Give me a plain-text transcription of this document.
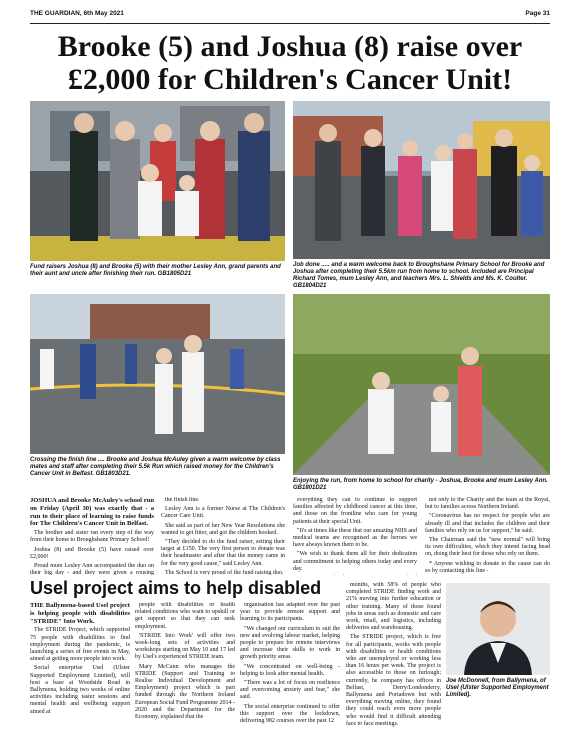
THE GUARDIAN, 6th May 2021	Page 31
Brooke (5) and Joshua (8) raise over £2,000 for Children's Cancer Unit!
Fund raisers Joshua (8) and Brooke (5) with their mother Lesley Ann, grand parents and their aunt and uncle after finishing their run. GB1805D21
Job done ..... and a warm welcome back to Broughshane Primary School for Brooke and Joshua after completing their 5.5km run from home to school. Included are Principal Richard Tomes, mum Lesley Ann, and teachers Mrs. L. Shields and Ms. K. Coulter. GB1804D21
Crossing the finish line .... Brooke and Joshua McAuley given a warm welcome by class mates and staff after completing their 5.5k Run which raised money for the Children's Cancer Unit in Belfast. GB1803D21.
Enjoying the run, from home to school for charity - Joshua, Brooke and mum Lesley Ann. GB1801D21

JOSHUA and Brooke McAuley's school run on Friday (April 30) was exactly that - a run to their place of learning to raise funds for The Children's Cancer Unit in Belfast.

The brother and sister ran every step of the way from their home to Broughshane Primary School!

Joshua (8) and Brooke (5) have raised over £2,000!

Proud mum Lesley Ann accompanied the duo on their big day - and they were given a rousing

the finish line.

Lesley Ann is a former Nurse at The Children's Cancer Care Unit.

She said as part of her New Year Resolutions she wanted to get fitter, and got the children hooked.

"They decided to do the fund raiser, setting their target at £150. The very first person to donate was their headmaster and after that the money came in for the very good cause," said Lesley Ann.

The School is very proud of the fund raising duo.

everything they can to continue to support families affected by childhood cancer at this time, and those on the frontline who care for young patients at their special Unit.

"It's at times like these that our amazing NHS and medical teams are recognised as the heroes we have always known them to be.

"We wish to thank them all for their dedication and commitment to helping others today and every day.

not only to the Charity and the team at the Royal, but to families across Northern Ireland.

"Coronavirus has no respect for people who are already ill and that includes the children and their families who rely on us for support," he said.

The Chairman said the "new normal" will bring its own difficulties, which they intend facing head on, doing their best for those who rely on them.

* Anyone wishing to donate to the cause can do so by contacting this line -

Usel project aims to help disabled

THE Ballymena-based Usel project is helping people with disabilities "STRIDE" Into Work.

The STRIDE Project, which supported 75 people with disabilities to find employment during the pandemic, is launching a series of free events in May, aimed at getting more people into work.

Social enterprise Usel (Ulster Supported Employment Limited), will host a base at Woodside Road in Ballymena, holding two weeks of online activities including taster sessions and mental health and wellbeing support aimed at

people with disabilities or health related conditions who want to upskill or get support so that they can seek employment.

'STRIDE Into Work' will offer two week-long sets of activities and workshops starting on May 10 and 17 led by Usel's experienced STRIDE team.

Mary McCann who manages the STRIDE (Support and Training to Realise Individual Development and Employment) project which is part funded through the Northern Ireland European Social Fund Programme 2014 - 2020 and the Department for the Economy, explained that the

organisation has adapted over the past year to provide remote support and learning to its participants.

"We changed our curriculum to suit the new and evolving labour market, helping people to prepare for remote interviews and increase their skills to work in growth priority areas.

"We concentrated on well-being - helping to look after mental health.

"There was a lot of focus on resilience and overcoming anxiety and fear," she said.

The social enterprise continued to offer this support over the lockdown, delivering 982 courses over the past 12

months, with 58% of people who completed STRIDE finding work and 21% moving into further education or other training. Many of those found jobs in areas such as domestic and care work, retail, and logistics, including deliveries and warehousing.

The STRIDE project, which is free for all participants, works with people with disabilities or health conditions who are unemployed or working less than 16 hours per week. The project is also accessible to those on furlough; currently, he company has offices in Belfast, Derry/Londonderry, Ballymena and Portadown but with everything moving online, they found they could reach even more people who would find it difficult attending face to face meetings.

Joe McDonnell, from Ballymena, of Usel (Ulster Supported Employment Limited).
